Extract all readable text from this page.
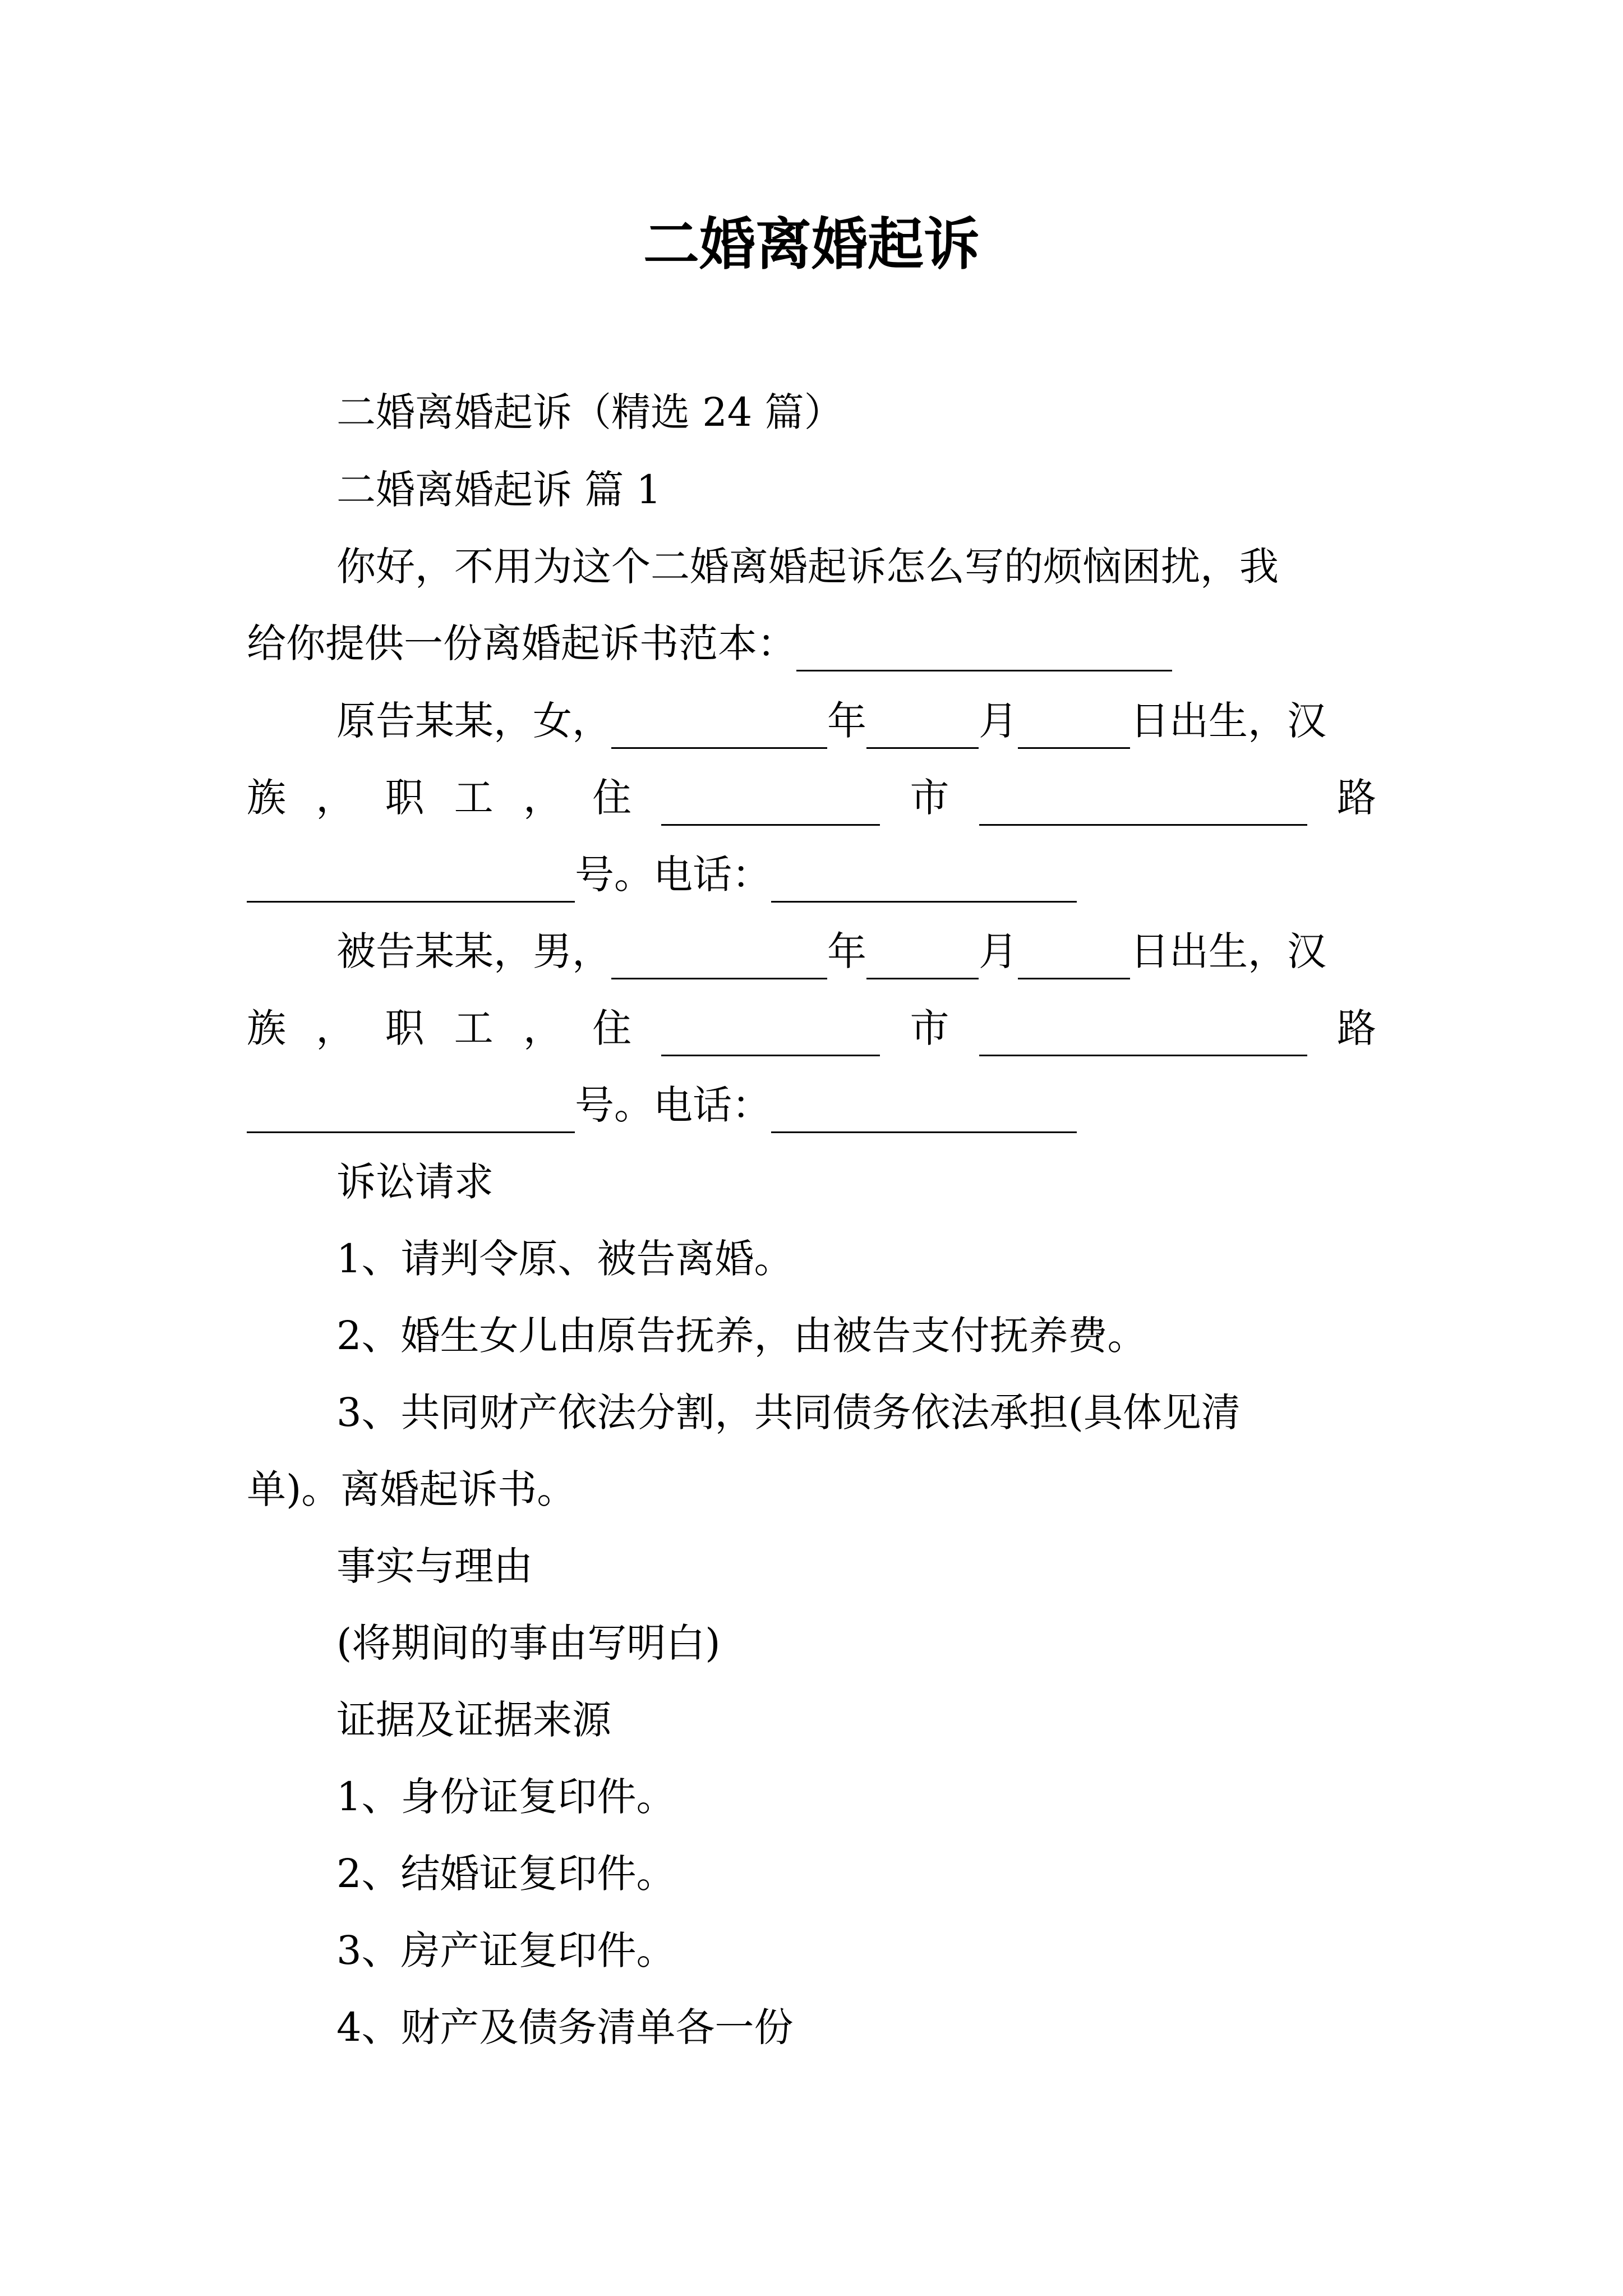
二婚离婚起诉
二婚离婚起诉（精选 24 篇）
二婚离婚起诉 篇 1
你好，不用为这个二婚离婚起诉怎么写的烦恼困扰，我
给你提供一份离婚起诉书范本：
原告某某，女，	年	月	日出生，汉
族 ， 职 工 ， 住	市	路
号。电话：
被告某某，男，	年	月	日出生，汉
族 ， 职 工 ， 住	市	路
号。电话：
诉讼请求
1、请判令原、被告离婚。
2、婚生女儿由原告抚养，由被告支付抚养费。
3、共同财产依法分割，共同债务依法承担(具体见清
单)。离婚起诉书。
事实与理由
(将期间的事由写明白)
证据及证据来源
1、身份证复印件。
2、结婚证复印件。
3、房产证复印件。
4、财产及债务清单各一份
